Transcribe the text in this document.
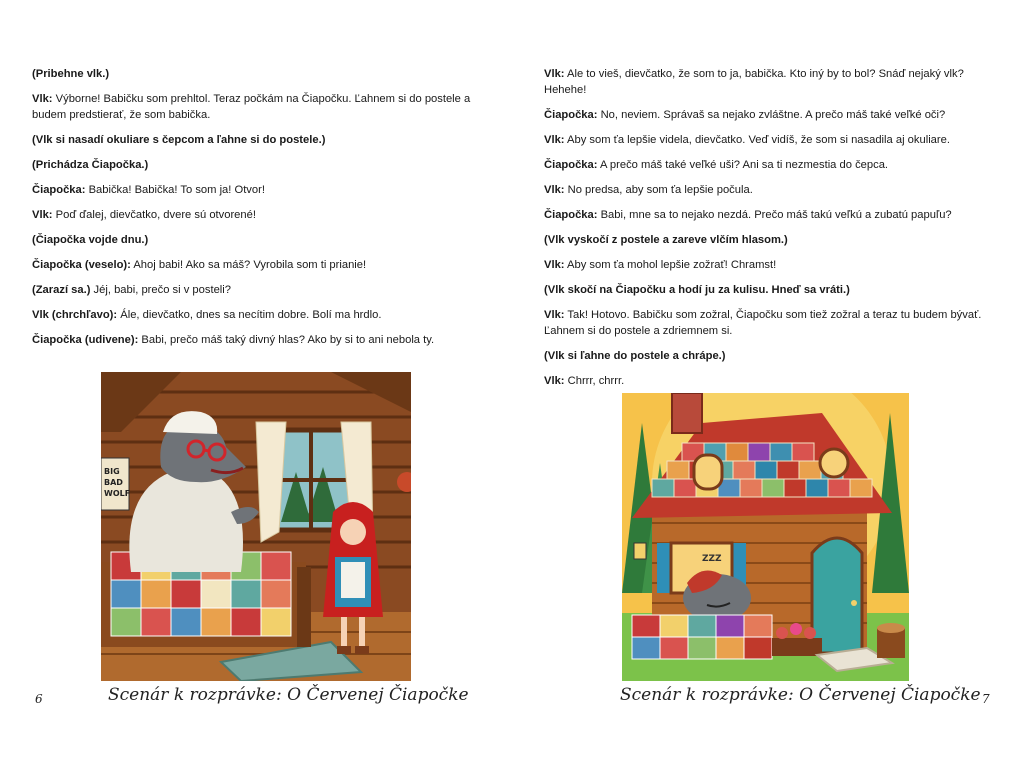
(Pribehne vlk.)

Vlk: Výborne! Babičku som prehltol. Teraz počkám na Čiapočku. Ľahnem si do postele a budem predstierať, že som babička.

(Vlk si nasadí okuliare s čepcom a ľahne si do postele.)

(Prichádza Čiapočka.)

Čiapočka: Babička! Babička! To som ja! Otvor!

Vlk: Poď ďalej, dievčatko, dvere sú otvorené!

(Čiapočka vojde dnu.)

Čiapočka (veselo): Ahoj babi! Ako sa máš? Vyrobila som ti prianie!

(Zarazí sa.) Jéj, babi, prečo si v posteli?

Vlk (chrchľavo): Ále, dievčatko, dnes sa necítim dobre. Bolí ma hrdlo.

Čiapočka (udivene): Babi, prečo máš taký divný hlas? Ako by si to ani nebola ty.

BIG
BAD
WOLF
Scenár k rozprávke: O Červenej Čiapočke
6

Vlk: Ale to vieš, dievčatko, že som to ja, babička. Kto iný by to bol? Snáď nejaký vlk? Hehehe!

Čiapočka: No, neviem. Správaš sa nejako zvláštne. A prečo máš také veľké oči?

Vlk: Aby som ťa lepšie videla, dievčatko. Veď vidíš, že som si nasadila aj okuliare.

Čiapočka: A prečo máš také veľké uši? Ani sa ti nezmestia do čepca.

Vlk: No predsa, aby som ťa lepšie počula.

Čiapočka: Babi, mne sa to nejako nezdá. Prečo máš takú veľkú a zubatú papuľu?

(Vlk vyskočí z postele a zareve vlčím hlasom.)

Vlk: Aby som ťa mohol lepšie zožrať! Chramst!

(Vlk skočí na Čiapočku a hodí ju za kulisu. Hneď sa vráti.)

Vlk: Tak! Hotovo. Babičku som zožral, Čiapočku som tiež zožral a teraz tu budem bývať. Ľahnem si do postele a zdriemnem si.

(Vlk si ľahne do postele a chrápe.)

Vlk: Chrrr, chrrr.

ZZZ
Scenár k rozprávke: O Červenej Čiapočke 7
